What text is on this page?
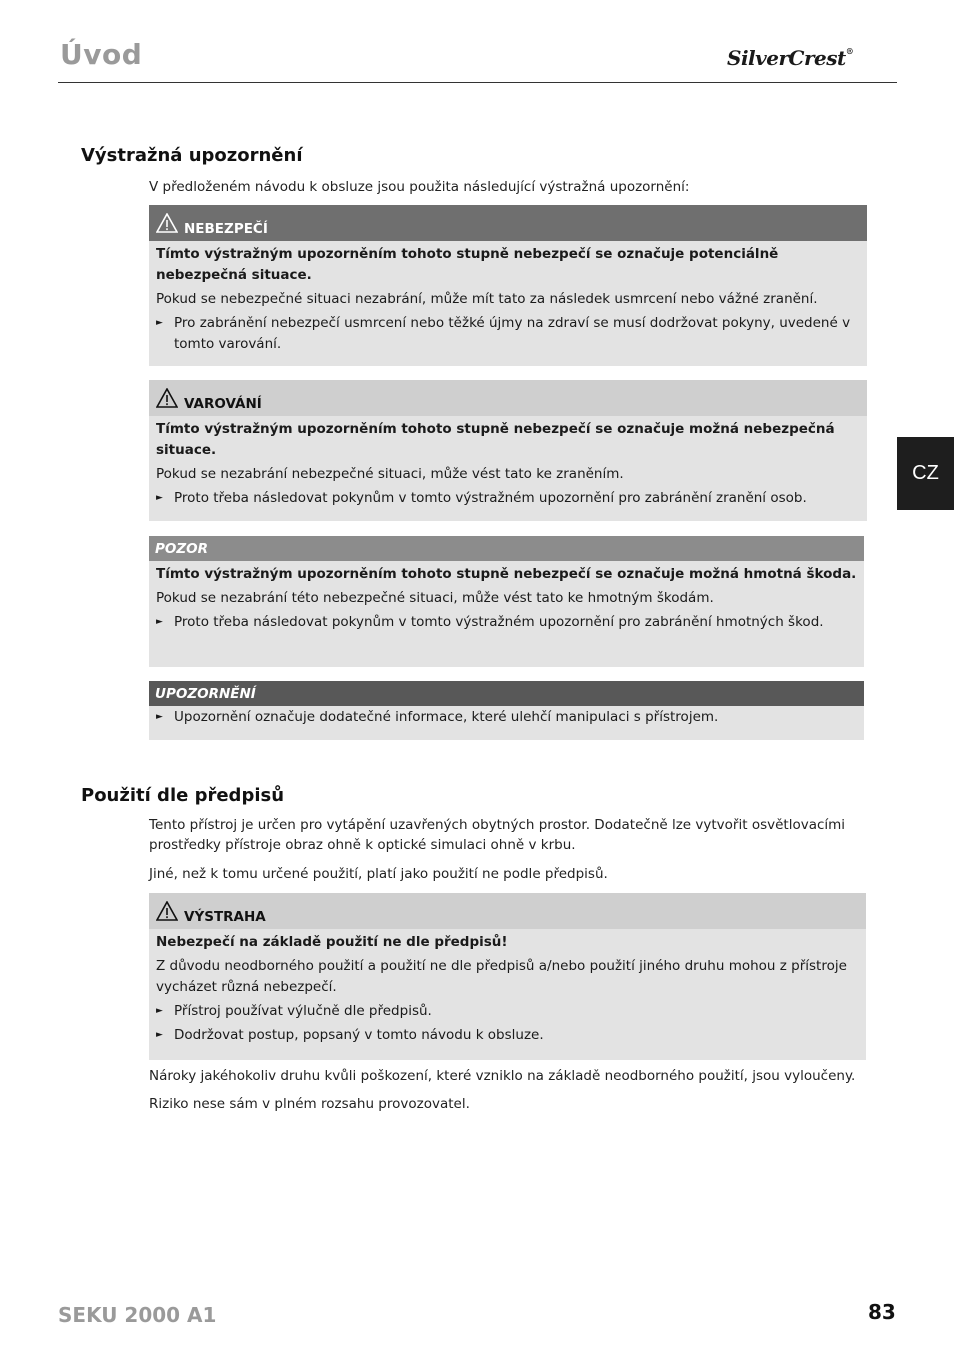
Úvod	SilverCrest®
CZ
Výstražná upozornění
V předloženém návodu k obsluze jsou použita následující výstražná upozornění:
NEBEZPEČÍ
Tímto výstražným upozorněním tohoto stupně nebezpečí se označuje potenciálně nebezpečná situace.
Pokud se nebezpečné situaci nezabrání, může mít tato za následek usmrcení nebo vážné zranění.
► Pro zabránění nebezpečí usmrcení nebo těžké újmy na zdraví se musí dodržovat pokyny, uvedené v tomto varování.
VAROVÁNÍ
Tímto výstražným upozorněním tohoto stupně nebezpečí se označuje možná nebezpečná situace.
Pokud se nezabrání nebezpečné situaci, může vést tato ke zraněním.
► Proto třeba následovat pokynům v tomto výstražném upozornění pro zabránění zranění osob.
POZOR
Tímto výstražným upozorněním tohoto stupně nebezpečí se označuje možná hmotná škoda.
Pokud se nezabrání této nebezpečné situaci, může vést tato ke hmotným škodám.
► Proto třeba následovat pokynům v tomto výstražném upozornění pro zabránění hmotných škod.
UPOZORNĚNÍ
► Upozornění označuje dodatečné informace, které ulehčí manipulaci s přístrojem.
Použití dle předpisů
Tento přístroj je určen pro vytápění uzavřených obytných prostor. Dodatečně lze vytvořit osvětlovacími prostředky přístroje obraz ohně k optické simulaci ohně v krbu.
Jiné, než k tomu určené použití, platí jako použití ne podle předpisů.
VÝSTRAHA
Nebezpečí na základě použití ne dle předpisů!
Z důvodu neodborného použití a použití ne dle předpisů a/nebo použití jiného druhu mohou z přístroje vycházet různá nebezpečí.
► Přístroj používat výlučně dle předpisů.
► Dodržovat postup, popsaný v tomto návodu k obsluze.
Nároky jakéhokoliv druhu kvůli poškození, které vzniklo na základě neodborného použití, jsou vyloučeny.
Riziko nese sám v plném rozsahu provozovatel.
SEKU 2000 A1	83
